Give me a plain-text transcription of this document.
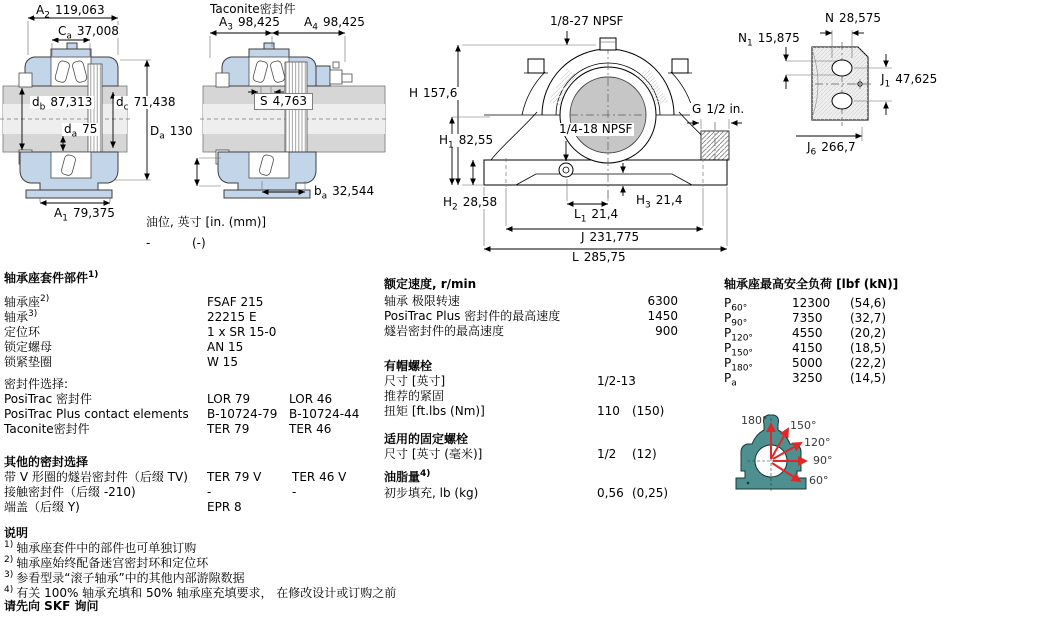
$A_2$ 119,063
$C_a$ 37,008
$d_b$ 87,313 $d_c$ 71,438
$d_a$ 75	$D_a$ 130
$A_1$ 79,375
Taconite密封件
$A_3$ 98,425 $A_4$ 98,425
S 4,763
$b_a$ 32,544
油位, 英寸 [in. (mm)]
-	(-)
1/8-27 NPSF
H 157,6
$H_1$ 82,55
1/4-18 NPSF
G 1/2 in.
$H_2$ 28,58	$H_3$ 21,4
$L_1$ 21,4
J 231,775
L 285,75
N 28,575
$N_1$ 15,875
$J_1$ 47,625
$J_6$ 266,7
轴承座套件部件$^{1)}$
轴承座$^{2)}$	FSAF 215
轴承$^{3)}$	22215 E
定位环	1 x SR 15-0
锁定螺母	AN 15
锁紧垫圈	W 15
密封件选择:
PosiTrac 密封件	LOR 79	LOR 46
PosiTrac Plus contact elements B-10724-79 B-10724-44
Taconite密封件	TER 79	TER 46
其他的密封选择
带 V 形圈的燧岩密封件（后缀 TV) TER 79 V	TER 46 V
接触密封件（后缀 -210)	-	-
端盖（后缀 Y)	EPR 8
说明
$^{1)}$ 轴承座套件中的部件也可单独订购
$^{2)}$ 轴承座始终配备迷宫密封环和定位环
$^{3)}$ 参看型录“滚子轴承”中的其他内部游隙数据
$^{4)}$ 有关 100% 轴承充填和 50% 轴承座充填要求， 在修改设计或订购之前
请先向 SKF 询问
额定速度, r/min
轴承 极限转速	6300
PosiTrac Plus 密封件的最高速度	1450
燧岩密封件的最高速度	900
有帽螺栓
尺寸 [英寸]	1/2-13
推荐的紧固
扭矩 [ft.lbs (Nm)]	110 (150)
适用的固定螺栓
尺寸 [英寸 (毫米)]	1/2 (12)
油脂量$^{4)}$
初步填充, lb (kg)	0,56 (0,25)
轴承座最高安全负荷 [lbf (kN)]
$P_{60^\circ}$	12300 (54,6)
$P_{90^\circ}$	7350 (32,7)
$P_{120^\circ}$	4550 (20,2)
$P_{150^\circ}$	4150 (18,5)
$P_{180^\circ}$	5000 (22,2)
$P_a$	3250 (14,5)
180° 150°
120°
90°
60°
